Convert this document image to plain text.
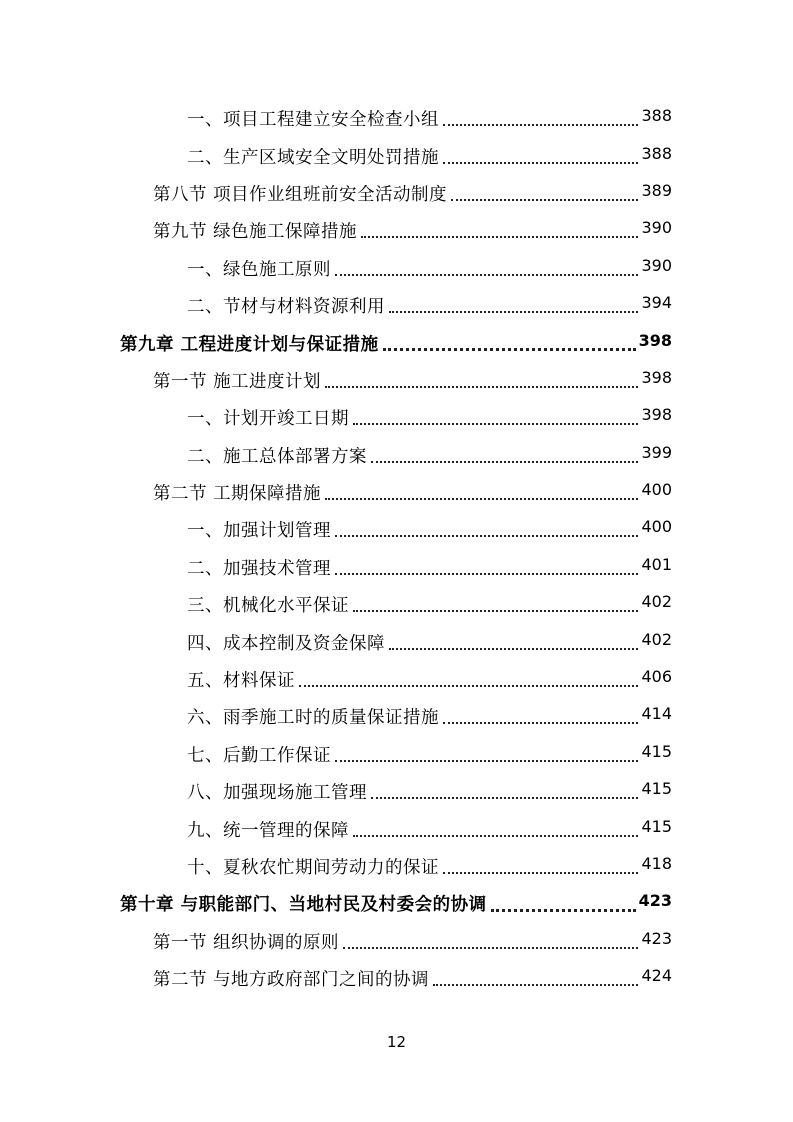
一、项目工程建立安全检查小组	388
二、生产区域安全文明处罚措施	388
第八节 项目作业组班前安全活动制度	389
第九节 绿色施工保障措施	390
一、绿色施工原则	390
二、节材与材料资源利用	394
第九章 工程进度计划与保证措施	398
第一节 施工进度计划	398
一、计划开竣工日期	398
二、施工总体部署方案	399
第二节 工期保障措施	400
一、加强计划管理	400
二、加强技术管理	401
三、机械化水平保证	402
四、成本控制及资金保障	402
五、材料保证	406
六、雨季施工时的质量保证措施	414
七、后勤工作保证	415
八、加强现场施工管理	415
九、统一管理的保障	415
十、夏秋农忙期间劳动力的保证	418
第十章 与职能部门、当地村民及村委会的协调	423
第一节 组织协调的原则	423
第二节 与地方政府部门之间的协调	424
12
